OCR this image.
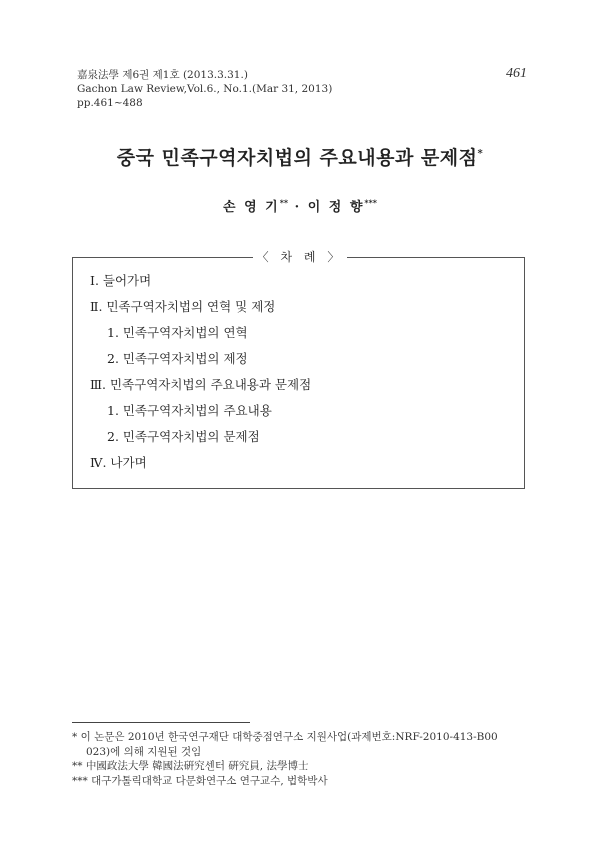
嘉泉法學 제6권 제1호 (2013.3.31.)
Gachon Law Review,Vol.6., No.1.(Mar 31, 2013)
pp.461~488
461
중국 민족구역자치법의 주요내용과 문제점*
손 영 기** · 이 정 향***
〈 차 례 〉
Ⅰ. 들어가며
Ⅱ. 민족구역자치법의 연혁 및 제정
1. 민족구역자치법의 연혁
2. 민족구역자치법의 제정
Ⅲ. 민족구역자치법의 주요내용과 문제점
1. 민족구역자치법의 주요내용
2. 민족구역자치법의 문제점
Ⅳ. 나가며

* 이 논문은 2010년 한국연구재단 대학중점연구소 지원사업(과제번호:NRF-2010-413-B00

023)에 의해 지원된 것임

** 中國政法大學 韓國法硏究센터 硏究員, 法學博士

*** 대구가톨릭대학교 다문화연구소 연구교수, 법학박사
